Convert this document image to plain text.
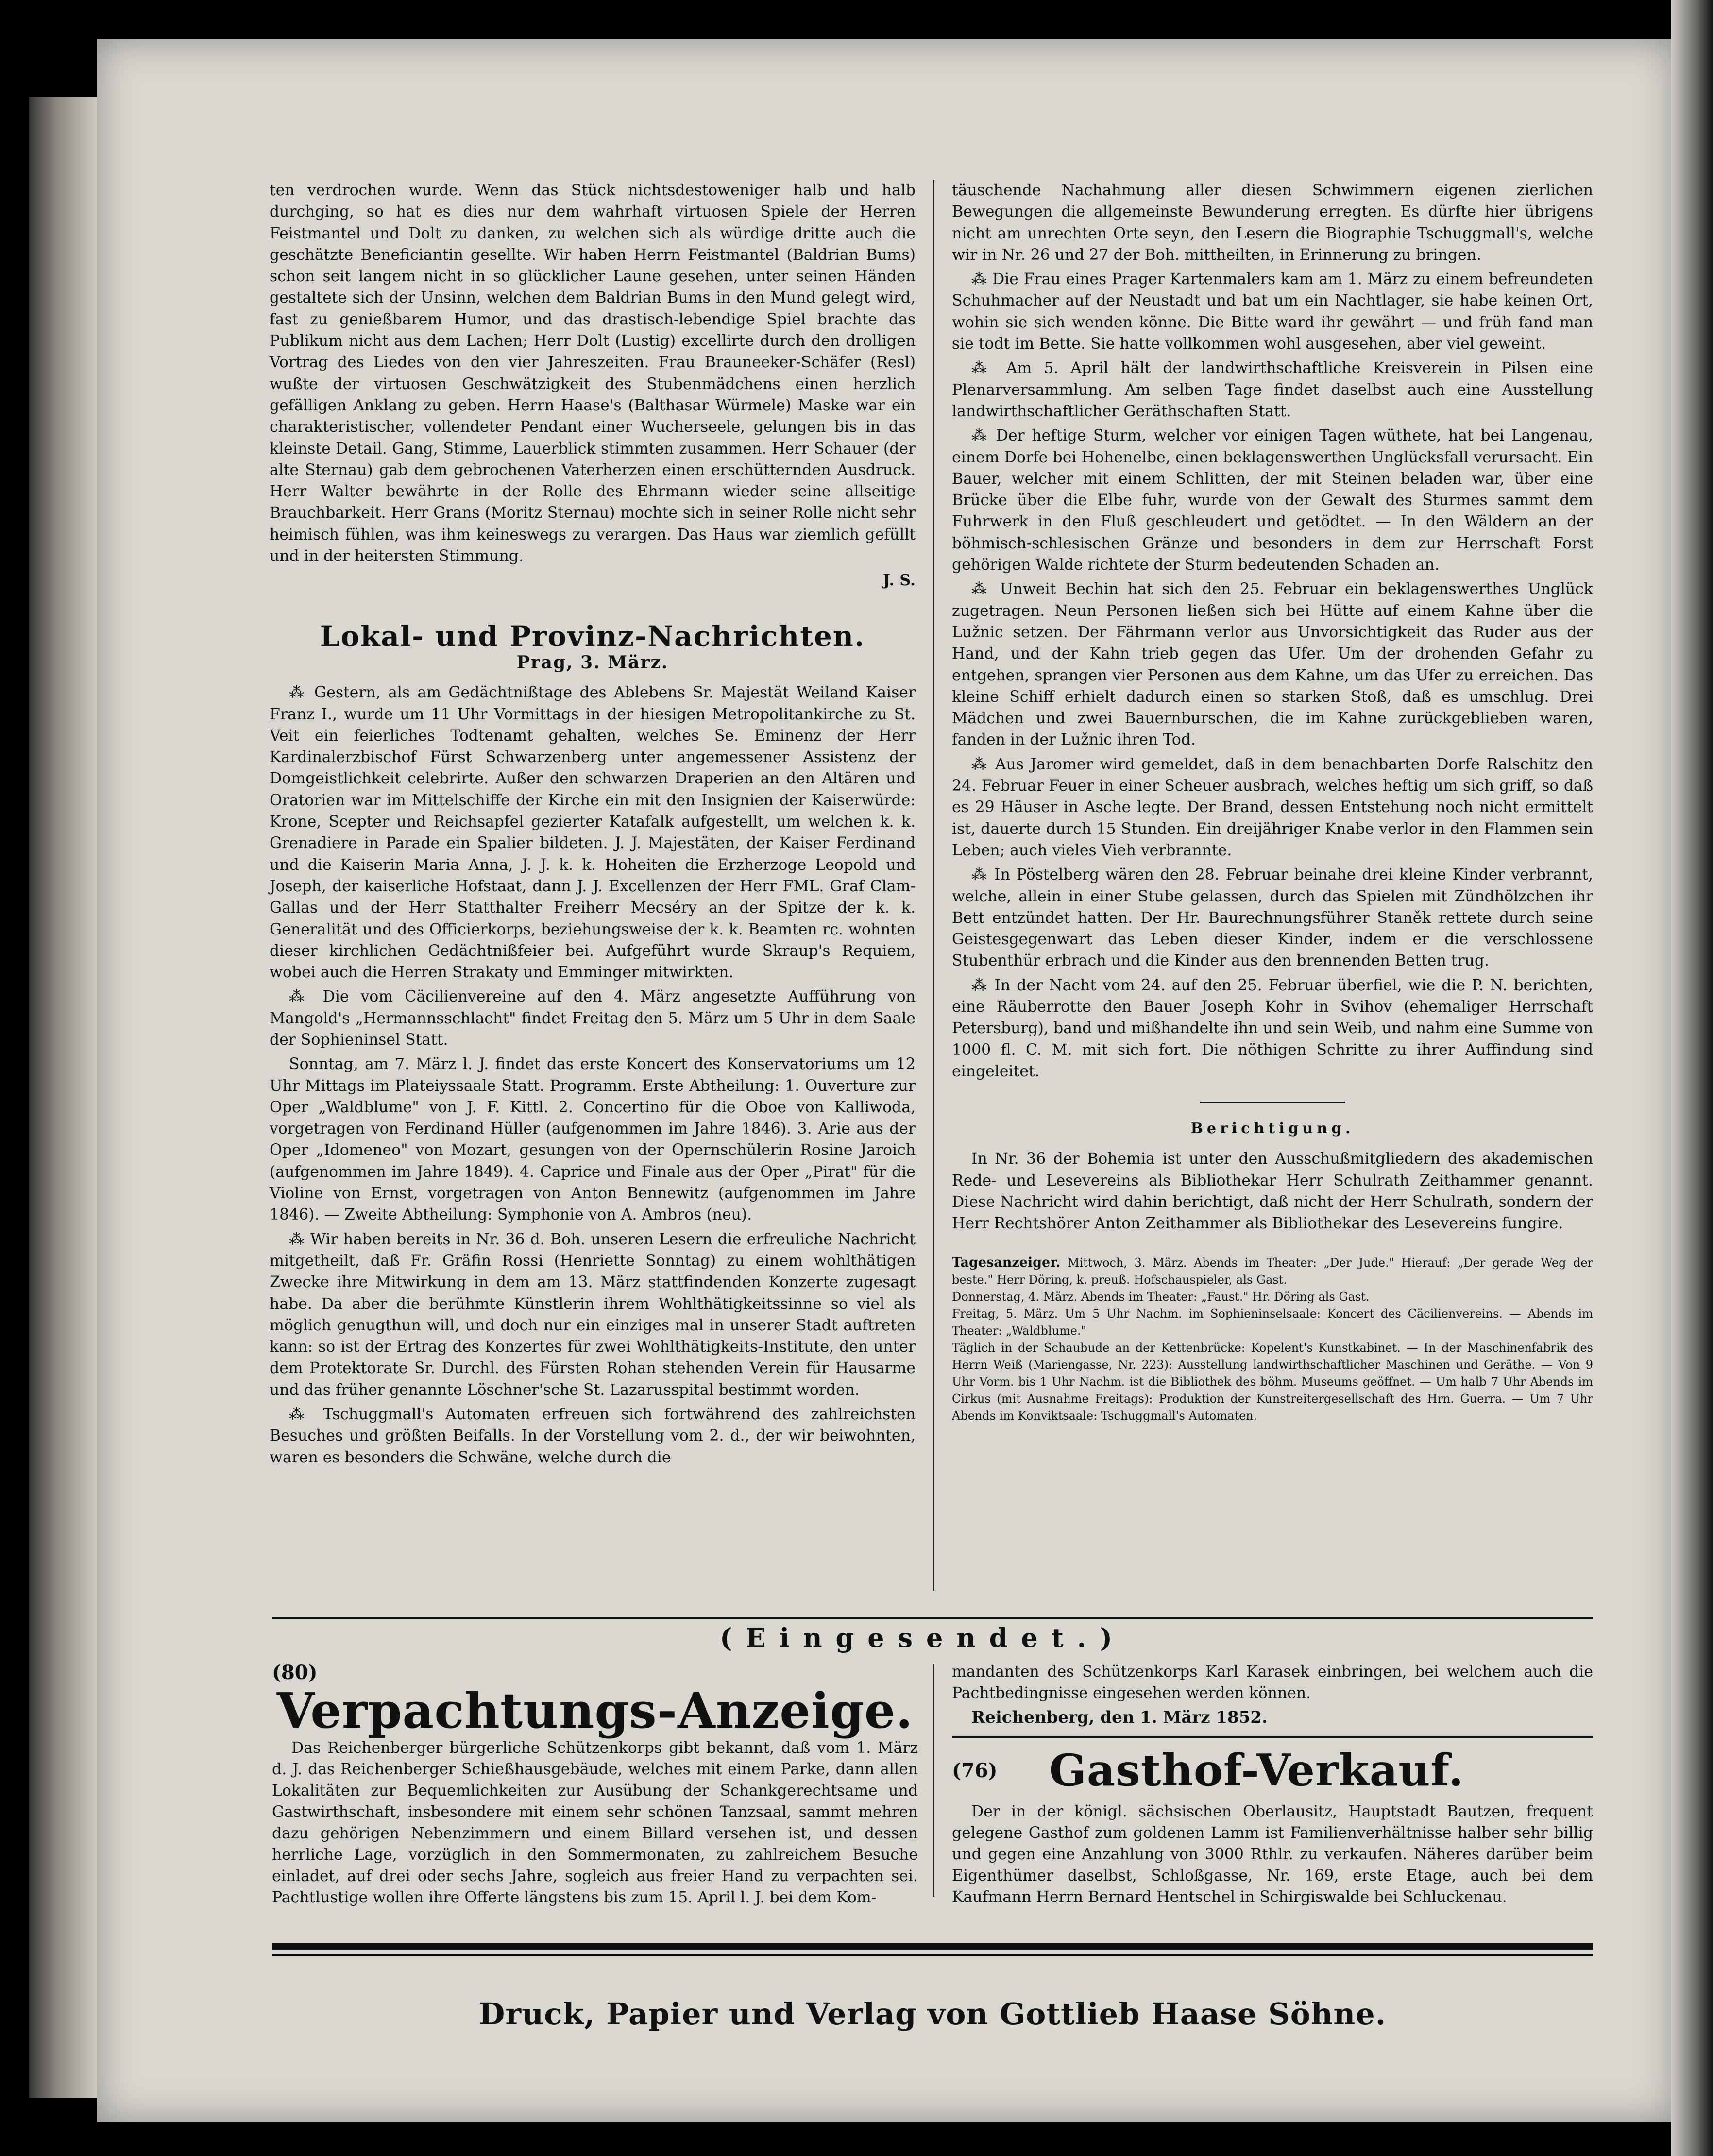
ten verdrochen wurde. Wenn das Stück nichtsdestoweniger halb und halb durchging, so hat es dies nur dem wahrhaft virtuosen Spiele der Herren Feistmantel und Dolt zu danken, zu welchen sich als würdige dritte auch die geschätzte Beneficiantin gesellte. Wir haben Herrn Feistmantel (Baldrian Bums) schon seit langem nicht in so glücklicher Laune gesehen, unter seinen Händen gestaltete sich der Unsinn, welchen dem Baldrian Bums in den Mund gelegt wird, fast zu genießbarem Humor, und das drastisch-lebendige Spiel brachte das Publikum nicht aus dem Lachen; Herr Dolt (Lustig) excellirte durch den drolligen Vortrag des Liedes von den vier Jahreszeiten. Frau Brauneeker-Schäfer (Resl) wußte der virtuosen Geschwätzigkeit des Stubenmädchens einen herzlich gefälligen Anklang zu geben. Herrn Haase's (Balthasar Würmele) Maske war ein charakteristischer, vollendeter Pendant einer Wucherseele, gelungen bis in das kleinste Detail. Gang, Stimme, Lauerblick stimmten zusammen. Herr Schauer (der alte Sternau) gab dem gebrochenen Vaterherzen einen erschütternden Ausdruck. Herr Walter bewährte in der Rolle des Ehrmann wieder seine allseitige Brauchbarkeit. Herr Grans (Moritz Sternau) mochte sich in seiner Rolle nicht sehr heimisch fühlen, was ihm keineswegs zu verargen. Das Haus war ziemlich gefüllt und in der heitersten Stimmung.

J. S.
Lokal- und Provinz-Nachrichten.
Prag, 3. März.

⁂ Gestern, als am Gedächtnißtage des Ablebens Sr. Majestät Weiland Kaiser Franz I., wurde um 11 Uhr Vormittags in der hiesigen Metropolitankirche zu St. Veit ein feierliches Todtenamt gehalten, welches Se. Eminenz der Herr Kardinalerzbischof Fürst Schwarzenberg unter angemessener Assistenz der Domgeistlichkeit celebrirte. Außer den schwarzen Draperien an den Altären und Oratorien war im Mittelschiffe der Kirche ein mit den Insignien der Kaiserwürde: Krone, Scepter und Reichsapfel gezierter Katafalk aufgestellt, um welchen k. k. Grenadiere in Parade ein Spalier bildeten. J. J. Majestäten, der Kaiser Ferdinand und die Kaiserin Maria Anna, J. J. k. k. Hoheiten die Erzherzoge Leopold und Joseph, der kaiserliche Hofstaat, dann J. J. Excellenzen der Herr FML. Graf Clam-Gallas und der Herr Statthalter Freiherr Mecséry an der Spitze der k. k. Generalität und des Officierkorps, beziehungsweise der k. k. Beamten rc. wohnten dieser kirchlichen Gedächtnißfeier bei. Aufgeführt wurde Skraup's Requiem, wobei auch die Herren Strakaty und Emminger mitwirkten.

⁂ Die vom Cäcilienvereine auf den 4. März angesetzte Aufführung von Mangold's „Hermannsschlacht" findet Freitag den 5. März um 5 Uhr in dem Saale der Sophieninsel Statt.

Sonntag, am 7. März l. J. findet das erste Koncert des Konservatoriums um 12 Uhr Mittags im Plateiyssaale Statt. Programm. Erste Abtheilung: 1. Ouverture zur Oper „Waldblume" von J. F. Kittl. 2. Concertino für die Oboe von Kalliwoda, vorgetragen von Ferdinand Hüller (aufgenommen im Jahre 1846). 3. Arie aus der Oper „Idomeneo" von Mozart, gesungen von der Opernschülerin Rosine Jaroich (aufgenommen im Jahre 1849). 4. Caprice und Finale aus der Oper „Pirat" für die Violine von Ernst, vorgetragen von Anton Bennewitz (aufgenommen im Jahre 1846). — Zweite Abtheilung: Symphonie von A. Ambros (neu).

⁂ Wir haben bereits in Nr. 36 d. Boh. unseren Lesern die erfreuliche Nachricht mitgetheilt, daß Fr. Gräfin Rossi (Henriette Sonntag) zu einem wohlthätigen Zwecke ihre Mitwirkung in dem am 13. März stattfindenden Konzerte zugesagt habe. Da aber die berühmte Künstlerin ihrem Wohlthätigkeitssinne so viel als möglich genugthun will, und doch nur ein einziges mal in unserer Stadt auftreten kann: so ist der Ertrag des Konzertes für zwei Wohlthätigkeits-Institute, den unter dem Protektorate Sr. Durchl. des Fürsten Rohan stehenden Verein für Hausarme und das früher genannte Löschner'sche St. Lazarusspital bestimmt worden.

⁂ Tschuggmall's Automaten erfreuen sich fortwährend des zahlreichsten Besuches und größten Beifalls. In der Vorstellung vom 2. d., der wir beiwohnten, waren es besonders die Schwäne, welche durch die

täuschende Nachahmung aller diesen Schwimmern eigenen zierlichen Bewegungen die allgemeinste Bewunderung erregten. Es dürfte hier übrigens nicht am unrechten Orte seyn, den Lesern die Biographie Tschuggmall's, welche wir in Nr. 26 und 27 der Boh. mittheilten, in Erinnerung zu bringen.

⁂ Die Frau eines Prager Kartenmalers kam am 1. März zu einem befreundeten Schuhmacher auf der Neustadt und bat um ein Nachtlager, sie habe keinen Ort, wohin sie sich wenden könne. Die Bitte ward ihr gewährt — und früh fand man sie todt im Bette. Sie hatte vollkommen wohl ausgesehen, aber viel geweint.

⁂ Am 5. April hält der landwirthschaftliche Kreisverein in Pilsen eine Plenarversammlung. Am selben Tage findet daselbst auch eine Ausstellung landwirthschaftlicher Geräthschaften Statt.

⁂ Der heftige Sturm, welcher vor einigen Tagen wüthete, hat bei Langenau, einem Dorfe bei Hohenelbe, einen beklagenswerthen Unglücksfall verursacht. Ein Bauer, welcher mit einem Schlitten, der mit Steinen beladen war, über eine Brücke über die Elbe fuhr, wurde von der Gewalt des Sturmes sammt dem Fuhrwerk in den Fluß geschleudert und getödtet. — In den Wäldern an der böhmisch-schlesischen Gränze und besonders in dem zur Herrschaft Forst gehörigen Walde richtete der Sturm bedeutenden Schaden an.

⁂ Unweit Bechin hat sich den 25. Februar ein beklagenswerthes Unglück zugetragen. Neun Personen ließen sich bei Hütte auf einem Kahne über die Lužnic setzen. Der Fährmann verlor aus Unvorsichtigkeit das Ruder aus der Hand, und der Kahn trieb gegen das Ufer. Um der drohenden Gefahr zu entgehen, sprangen vier Personen aus dem Kahne, um das Ufer zu erreichen. Das kleine Schiff erhielt dadurch einen so starken Stoß, daß es umschlug. Drei Mädchen und zwei Bauernburschen, die im Kahne zurückgeblieben waren, fanden in der Lužnic ihren Tod.

⁂ Aus Jaromer wird gemeldet, daß in dem benachbarten Dorfe Ralschitz den 24. Februar Feuer in einer Scheuer ausbrach, welches heftig um sich griff, so daß es 29 Häuser in Asche legte. Der Brand, dessen Entstehung noch nicht ermittelt ist, dauerte durch 15 Stunden. Ein dreijähriger Knabe verlor in den Flammen sein Leben; auch vieles Vieh verbrannte.

⁂ In Pöstelberg wären den 28. Februar beinahe drei kleine Kinder verbrannt, welche, allein in einer Stube gelassen, durch das Spielen mit Zündhölzchen ihr Bett entzündet hatten. Der Hr. Baurechnungsführer Staněk rettete durch seine Geistesgegenwart das Leben dieser Kinder, indem er die verschlossene Stubenthür erbrach und die Kinder aus den brennenden Betten trug.

⁂ In der Nacht vom 24. auf den 25. Februar überfiel, wie die P. N. berichten, eine Räuberrotte den Bauer Joseph Kohr in Svihov (ehemaliger Herrschaft Petersburg), band und mißhandelte ihn und sein Weib, und nahm eine Summe von 1000 fl. C. M. mit sich fort. Die nöthigen Schritte zu ihrer Auffindung sind eingeleitet.

Berichtigung.

In Nr. 36 der Bohemia ist unter den Ausschußmitgliedern des akademischen Rede- und Lesevereins als Bibliothekar Herr Schulrath Zeithammer genannt. Diese Nachricht wird dahin berichtigt, daß nicht der Herr Schulrath, sondern der Herr Rechtshörer Anton Zeithammer als Bibliothekar des Lesevereins fungire.

Tagesanzeiger. Mittwoch, 3. März. Abends im Theater: „Der Jude." Hierauf: „Der gerade Weg der beste." Herr Döring, k. preuß. Hofschauspieler, als Gast.
Donnerstag, 4. März. Abends im Theater: „Faust." Hr. Döring als Gast.
Freitag, 5. März. Um 5 Uhr Nachm. im Sophieninselsaale: Koncert des Cäcilienvereins. — Abends im Theater: „Waldblume."
Täglich in der Schaubude an der Kettenbrücke: Kopelent's Kunstkabinet. — In der Maschinenfabrik des Herrn Weiß (Mariengasse, Nr. 223): Ausstellung landwirthschaftlicher Maschinen und Geräthe. — Von 9 Uhr Vorm. bis 1 Uhr Nachm. ist die Bibliothek des böhm. Museums geöffnet. — Um halb 7 Uhr Abends im Cirkus (mit Ausnahme Freitags): Produktion der Kunstreitergesellschaft des Hrn. Guerra. — Um 7 Uhr Abends im Konviktsaale: Tschuggmall's Automaten.
(Eingesendet.)
(80)
Verpachtungs-Anzeige.

Das Reichenberger bürgerliche Schützenkorps gibt bekannt, daß vom 1. März d. J. das Reichenberger Schießhausgebäude, welches mit einem Parke, dann allen Lokalitäten zur Bequemlichkeiten zur Ausübung der Schankgerechtsame und Gastwirthschaft, insbesondere mit einem sehr schönen Tanzsaal, sammt mehren dazu gehörigen Nebenzimmern und einem Billard versehen ist, und dessen herrliche Lage, vorzüglich in den Sommermonaten, zu zahlreichem Besuche einladet, auf drei oder sechs Jahre, sogleich aus freier Hand zu verpachten sei. Pachtlustige wollen ihre Offerte längstens bis zum 15. April l. J. bei dem Kom-

mandanten des Schützenkorps Karl Karasek einbringen, bei welchem auch die Pachtbedingnisse eingesehen werden können.

Reichenberg, den 1. März 1852.
(76)	Gasthof-Verkauf.

Der in der königl. sächsischen Oberlausitz, Hauptstadt Bautzen, frequent gelegene Gasthof zum goldenen Lamm ist Familienverhältnisse halber sehr billig und gegen eine Anzahlung von 3000 Rthlr. zu verkaufen. Näheres darüber beim Eigenthümer daselbst, Schloßgasse, Nr. 169, erste Etage, auch bei dem Kaufmann Herrn Bernard Hentschel in Schirgiswalde bei Schluckenau.

Druck, Papier und Verlag von Gottlieb Haase Söhne.
